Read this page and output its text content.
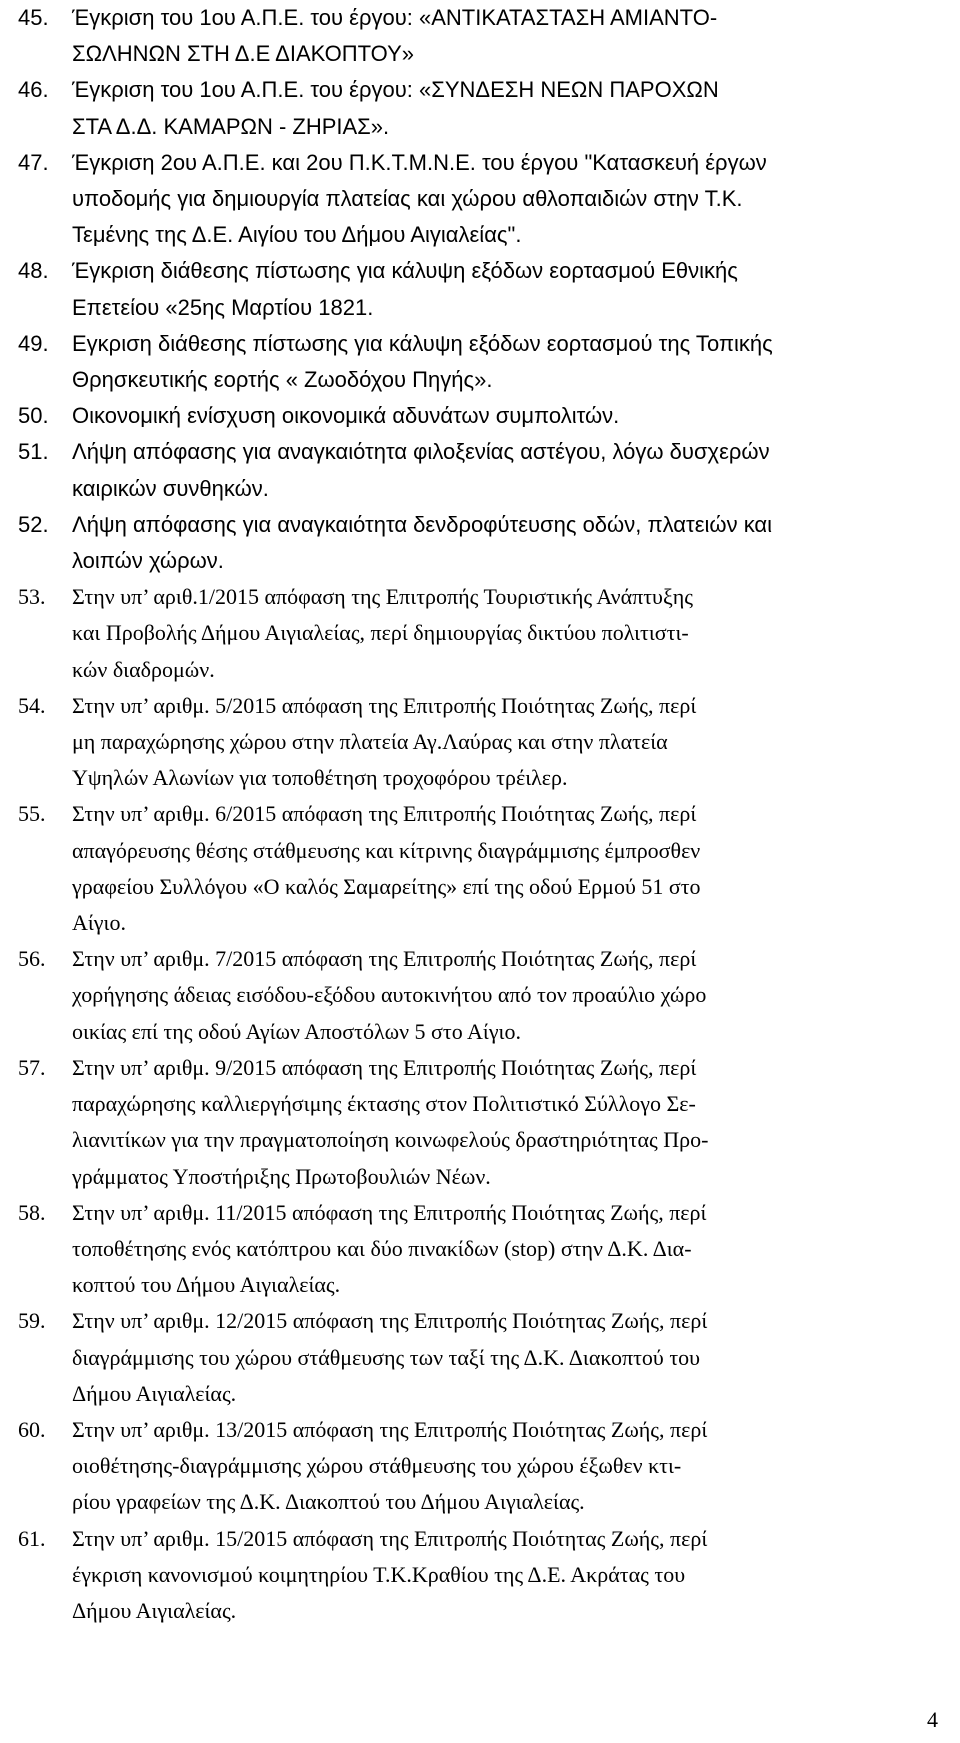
45.	Έγκριση του 1ου Α.Π.Ε. του έργου: «ΑΝΤΙΚΑΤΑΣΤΑΣΗ ΑΜΙΑΝΤΟ-
ΣΩΛΗΝΩΝ ΣΤΗ Δ.Ε ΔΙΑΚΟΠΤΟΥ»
46.	Έγκριση του 1ου Α.Π.Ε. του έργου: «ΣΥΝΔΕΣΗ ΝΕΩΝ ΠΑΡΟΧΩΝ
ΣΤΑ Δ.Δ. ΚΑΜΑΡΩΝ - ΖΗΡΙΑΣ».
47.	Έγκριση 2ου Α.Π.Ε. και 2ου Π.Κ.Τ.Μ.Ν.Ε. του έργου "Κατασκευή έργων
υποδομής για δημιουργία πλατείας και χώρου αθλοπαιδιών στην Τ.Κ.
Τεμένης της Δ.Ε. Αιγίου του Δήμου Αιγιαλείας".
48.	Έγκριση διάθεσης πίστωσης για κάλυψη εξόδων εορτασμού Εθνικής
Επετείου «25ης Μαρτίου 1821.
49.	Εγκριση διάθεσης πίστωσης για κάλυψη εξόδων εορτασμού της Τοπικής
Θρησκευτικής εορτής « Ζωοδόχου Πηγής».
50.	Οικονομική ενίσχυση οικονομικά αδυνάτων συμπολιτών.
51.	Λήψη απόφασης για αναγκαιότητα φιλοξενίας αστέγου, λόγω δυσχερών
καιρικών συνθηκών.
52.	Λήψη απόφασης για αναγκαιότητα δενδροφύτευσης οδών, πλατειών και
λοιπών χώρων.
53.	Στην υπ’ αριθ.1/2015 απόφαση της Επιτροπής Τουριστικής Ανάπτυξης
και Προβολής Δήμου Αιγιαλείας, περί δημιουργίας δικτύου πολιτιστι-
κών διαδρομών.
54.	Στην υπ’ αριθμ. 5/2015 απόφαση της Επιτροπής Ποιότητας Ζωής, περί
μη παραχώρησης χώρου στην πλατεία Αγ.Λαύρας και στην πλατεία
Υψηλών Αλωνίων για τοποθέτηση τροχοφόρου τρέιλερ.
55.	Στην υπ’ αριθμ. 6/2015 απόφαση της Επιτροπής Ποιότητας Ζωής, περί
απαγόρευσης θέσης στάθμευσης και κίτρινης διαγράμμισης έμπροσθεν
γραφείου Συλλόγου «Ο καλός Σαμαρείτης» επί της οδού Ερμού 51 στο
Αίγιο.
56.	Στην υπ’ αριθμ. 7/2015 απόφαση της Επιτροπής Ποιότητας Ζωής, περί
χορήγησης άδειας εισόδου-εξόδου αυτοκινήτου από τον προαύλιο χώρο
οικίας επί της οδού Αγίων Αποστόλων 5 στο Αίγιο.
57.	Στην υπ’ αριθμ. 9/2015 απόφαση της Επιτροπής Ποιότητας Ζωής, περί
παραχώρησης καλλιεργήσιμης έκτασης στον Πολιτιστικό Σύλλογο Σε-
λιανιτίκων για την πραγματοποίηση κοινωφελούς δραστηριότητας Προ-
γράμματος Υποστήριξης Πρωτοβουλιών Νέων.
58.	Στην υπ’ αριθμ. 11/2015 απόφαση της Επιτροπής Ποιότητας Ζωής, περί
τοποθέτησης ενός κατόπτρου και δύο πινακίδων (stop) στην Δ.Κ. Δια-
κοπτού του Δήμου Αιγιαλείας.
59.	Στην υπ’ αριθμ. 12/2015 απόφαση της Επιτροπής Ποιότητας Ζωής, περί
διαγράμμισης του χώρου στάθμευσης των ταξί της Δ.Κ. Διακοπτού του
Δήμου Αιγιαλείας.
60.	Στην υπ’ αριθμ. 13/2015 απόφαση της Επιτροπής Ποιότητας Ζωής, περί
οιοθέτησης-διαγράμμισης χώρου στάθμευσης του χώρου έξωθεν κτι-
ρίου γραφείων της Δ.Κ. Διακοπτού του Δήμου Αιγιαλείας.
61.	Στην υπ’ αριθμ. 15/2015 απόφαση της Επιτροπής Ποιότητας Ζωής, περί
έγκριση κανονισμού κοιμητηρίου Τ.Κ.Κραθίου της Δ.Ε. Ακράτας του
Δήμου Αιγιαλείας.
4
